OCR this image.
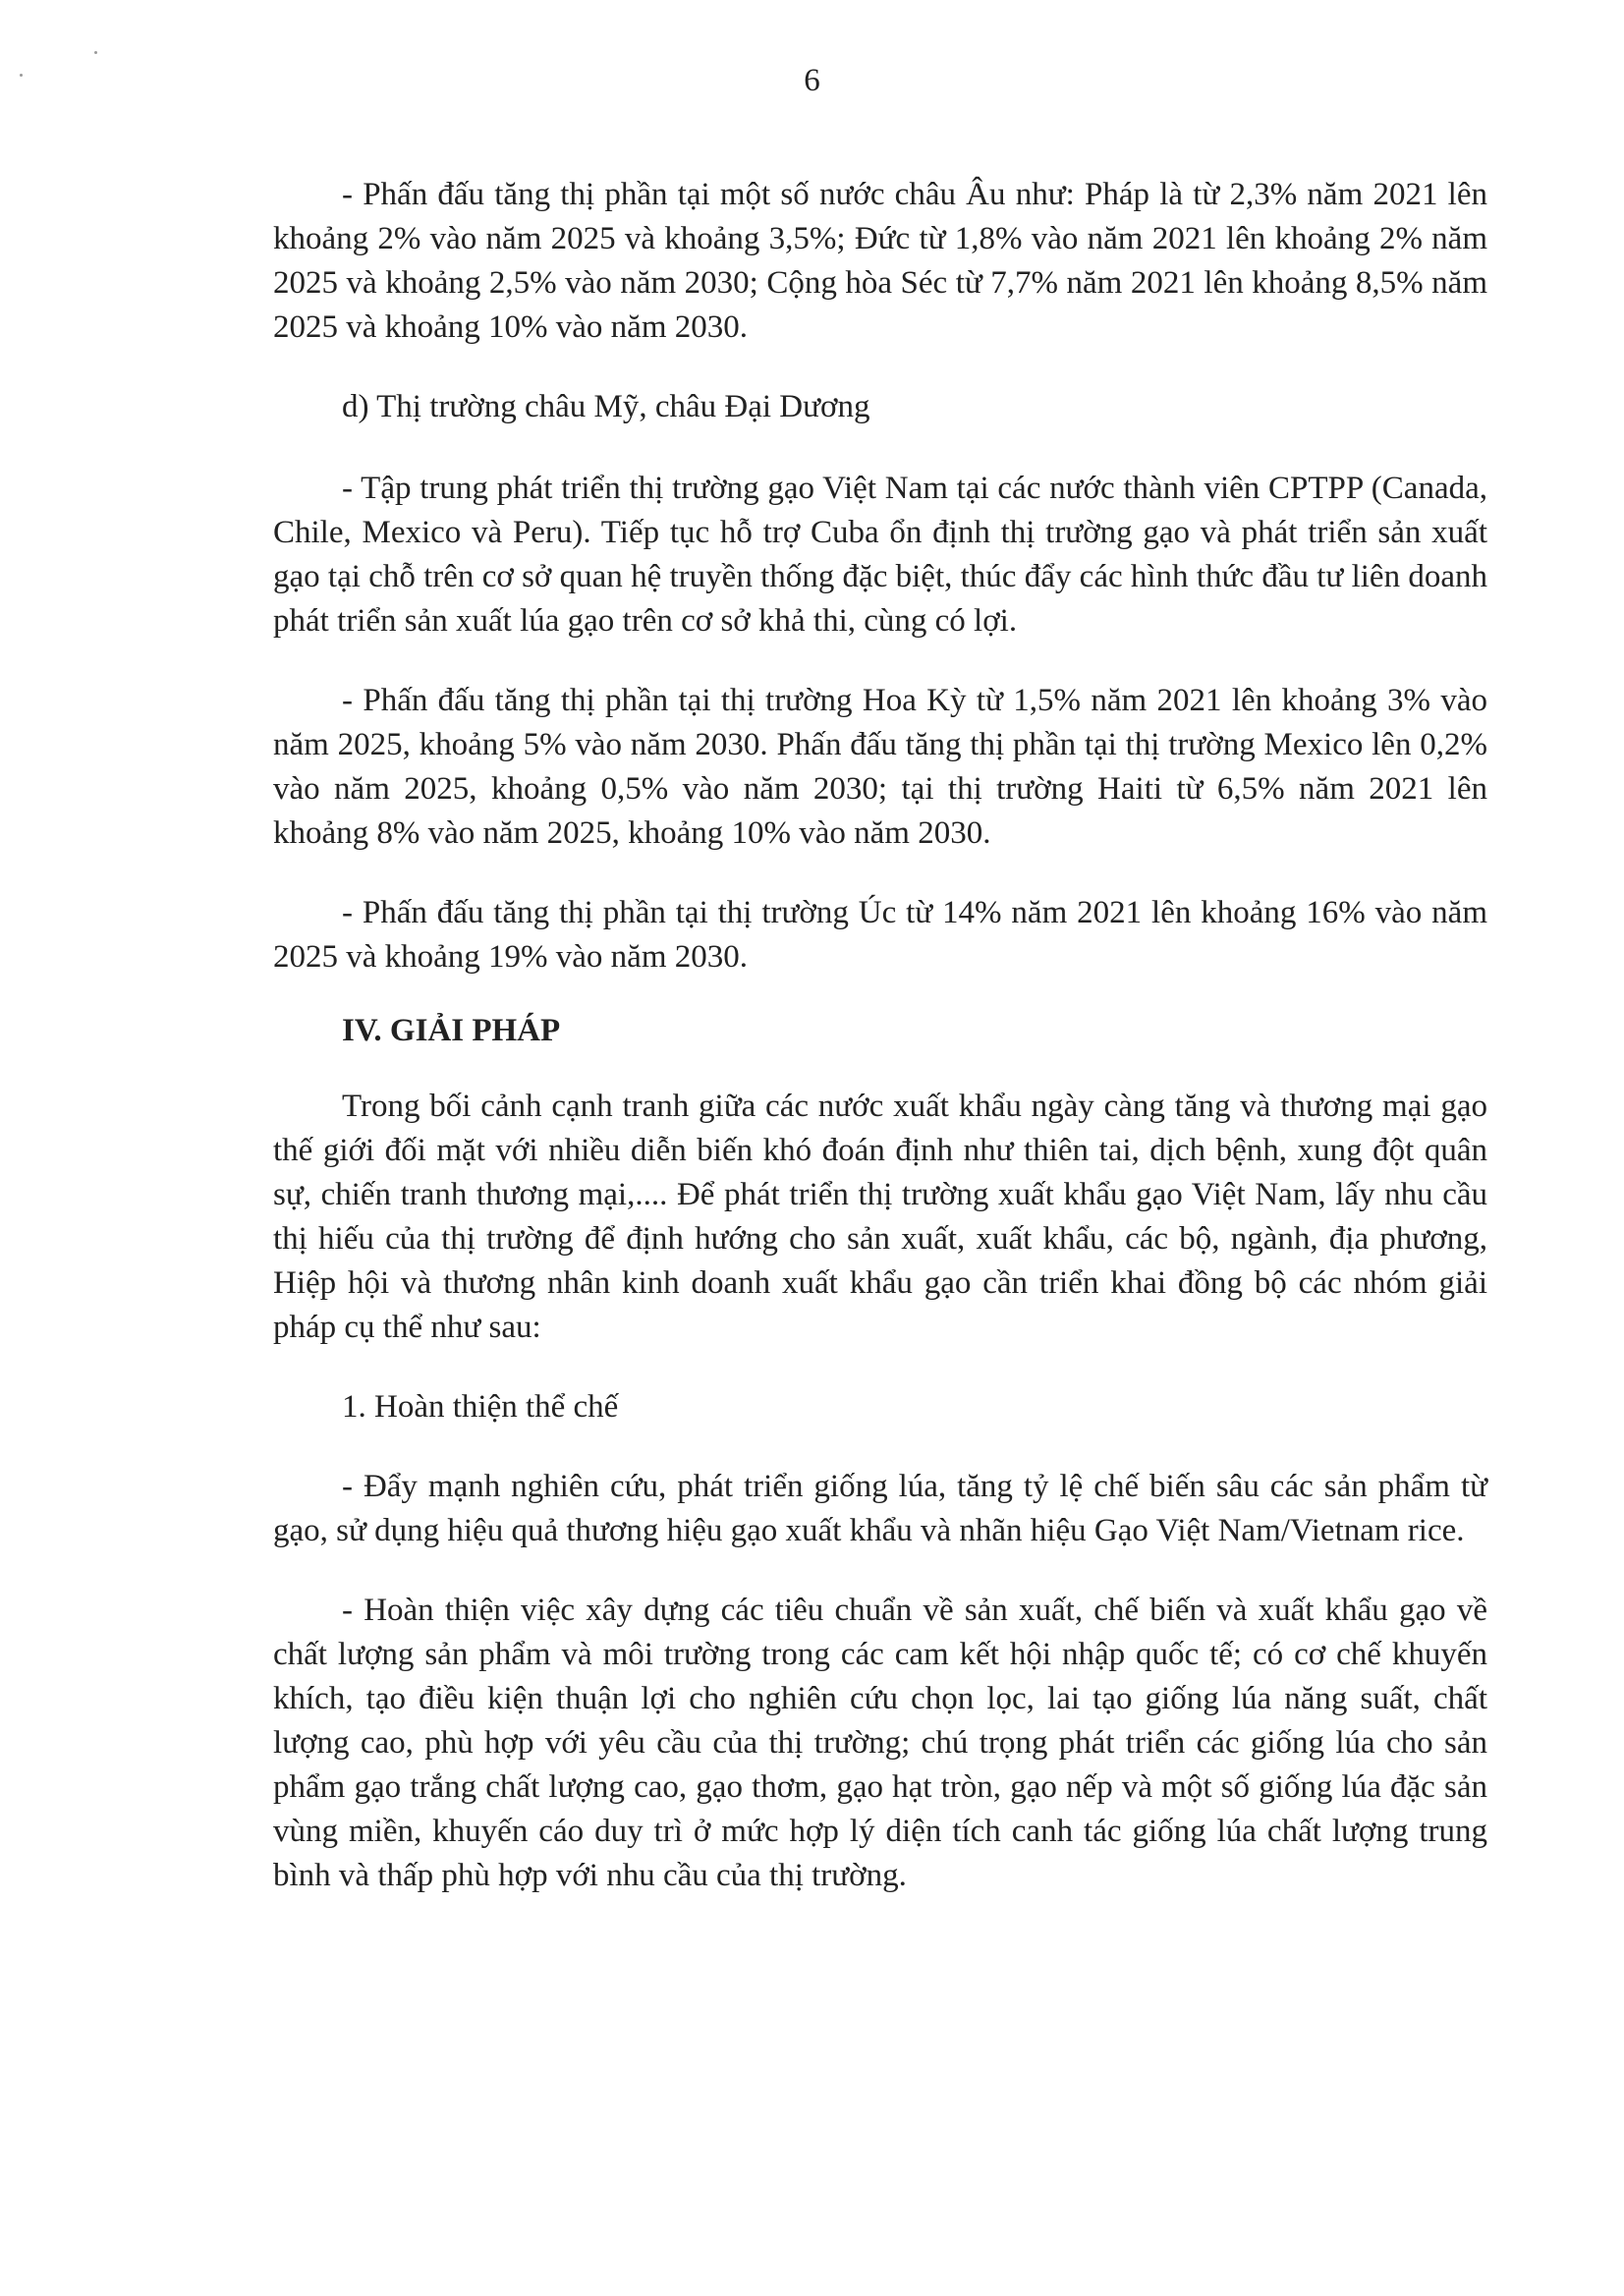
6

- Phấn đấu tăng thị phần tại một số nước châu Âu như: Pháp là từ 2,3% năm 2021 lên khoảng 2% vào năm 2025 và khoảng 3,5%; Đức từ 1,8% vào năm 2021 lên khoảng 2% năm 2025 và khoảng 2,5% vào năm 2030; Cộng hòa Séc từ 7,7% năm 2021 lên khoảng 8,5% năm 2025 và khoảng 10% vào năm 2030.

d) Thị trường châu Mỹ, châu Đại Dương

- Tập trung phát triển thị trường gạo Việt Nam tại các nước thành viên CPTPP (Canada, Chile, Mexico và Peru). Tiếp tục hỗ trợ Cuba ổn định thị trường gạo và phát triển sản xuất gạo tại chỗ trên cơ sở quan hệ truyền thống đặc biệt, thúc đẩy các hình thức đầu tư liên doanh phát triển sản xuất lúa gạo trên cơ sở khả thi, cùng có lợi.

- Phấn đấu tăng thị phần tại thị trường Hoa Kỳ từ 1,5% năm 2021 lên khoảng 3% vào năm 2025, khoảng 5% vào năm 2030. Phấn đấu tăng thị phần tại thị trường Mexico lên 0,2% vào năm 2025, khoảng 0,5% vào năm 2030; tại thị trường Haiti từ 6,5% năm 2021 lên khoảng 8% vào năm 2025, khoảng 10% vào năm 2030.

- Phấn đấu tăng thị phần tại thị trường Úc từ 14% năm 2021 lên khoảng 16% vào năm 2025 và khoảng 19% vào năm 2030.

IV. GIẢI PHÁP

Trong bối cảnh cạnh tranh giữa các nước xuất khẩu ngày càng tăng và thương mại gạo thế giới đối mặt với nhiều diễn biến khó đoán định như thiên tai, dịch bệnh, xung đột quân sự, chiến tranh thương mại,.... Để phát triển thị trường xuất khẩu gạo Việt Nam, lấy nhu cầu thị hiếu của thị trường để định hướng cho sản xuất, xuất khẩu, các bộ, ngành, địa phương, Hiệp hội và thương nhân kinh doanh xuất khẩu gạo cần triển khai đồng bộ các nhóm giải pháp cụ thể như sau:

1. Hoàn thiện thể chế

- Đẩy mạnh nghiên cứu, phát triển giống lúa, tăng tỷ lệ chế biến sâu các sản phẩm từ gạo, sử dụng hiệu quả thương hiệu gạo xuất khẩu và nhãn hiệu Gạo Việt Nam/Vietnam rice.

- Hoàn thiện việc xây dựng các tiêu chuẩn về sản xuất, chế biến và xuất khẩu gạo về chất lượng sản phẩm và môi trường trong các cam kết hội nhập quốc tế; có cơ chế khuyến khích, tạo điều kiện thuận lợi cho nghiên cứu chọn lọc, lai tạo giống lúa năng suất, chất lượng cao, phù hợp với yêu cầu của thị trường; chú trọng phát triển các giống lúa cho sản phẩm gạo trắng chất lượng cao, gạo thơm, gạo hạt tròn, gạo nếp và một số giống lúa đặc sản vùng miền, khuyến cáo duy trì ở mức hợp lý diện tích canh tác giống lúa chất lượng trung bình và thấp phù hợp với nhu cầu của thị trường.
